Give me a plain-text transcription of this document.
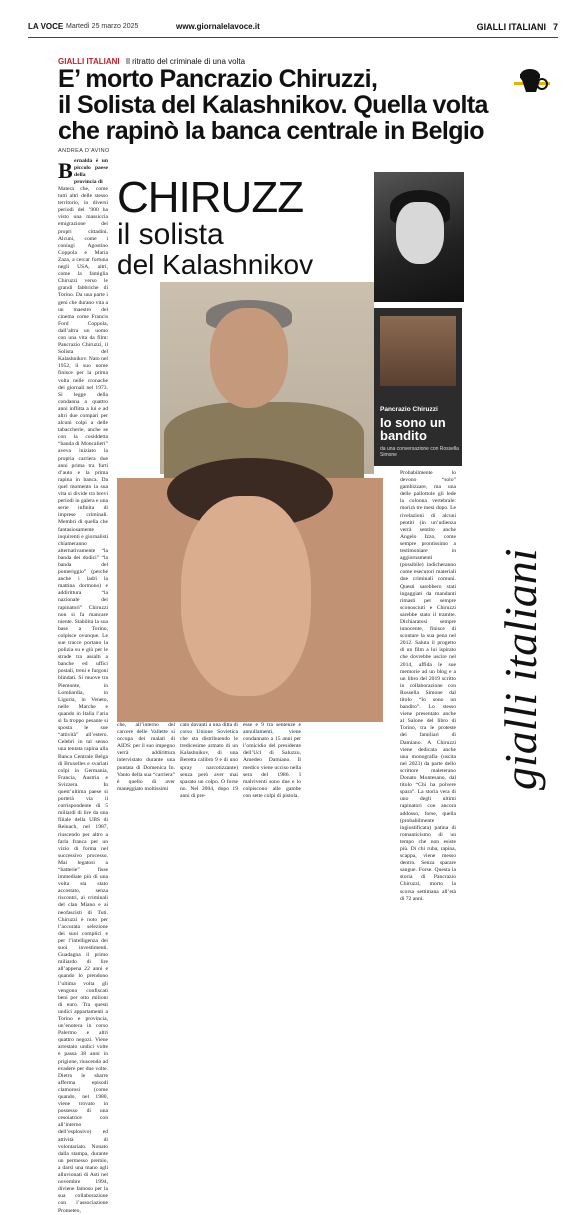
LA VOCE Martedì 25 marzo 2025	www.giornalelavoce.it	GIALLI ITALIANI 7
GIALLI ITALIANI Il ritratto del criminale di una volta
E’ morto Pancrazio Chiruzzi,
il Solista del Kalashnikov. Quella volta
che rapinò la banca centrale in Belgio
ANDREA D’AVINO
B ernalda è un piccolo paese della provincia di
Matera che, come tutti altri delle stesso territorio, in diversi periodi del ’900 ha visto una massiccia emigrazione dei propri cittadini. Alcuni, come i coniugi Agostino Coppola e Maria Zaza, a cercar fortuna negli USA, altri, come la famiglia Chiruzzi verso le grandi fabbriche di Torino. Da una parte i geni che durano vita a un maestro del cinema come Francis Ford Coppola, dall’altra un uomo con una vita da film: Pancrazio Chiruzzi, il Solista del Kalashnikov. Nato nel 1952, il suo nome finisce per la prima volta nelle cronache dei giornali nel 1973. Si legge della condanna a quattro anni inflitta a lui e ad altri due compari per alcuni colpi a delle tabaccherie, anche se con la cosiddetta “banda di Moncalieri” aveva iniziato la propria carriera due anni prima tra furti d’auto e la prima rapina in banca. Da quel momento la sua vita si divide tra brevi periodi in galera e una serie infinita di imprese criminali. Membri di quella che fantasiosamente inquirenti e giornalisti chiameranno alternativamente “la banda dei dodici” “la banda del pomeriggio” (perché anche i ladri la mattina dormono) e addirittura “la nazionale dei rapinatori” Chiruzzi non si fa mancare niente. Stabilita la sua base a Torino, colpisce ovunque. Le sue tracce portano la polizia su e giù per le strade tra assalti a banche ed uffici postali, treni e furgoni blindati. Si muove tra Piemonte, in Lombardia, in Liguria, in Veneto, nelle Marche e quando in Italia l’aria si fa troppo pesante si sposta le sue “attività” all’estero. Celebri in tal senso una tentata rapina alla Banca Centrale Belga di Bruxelles e svariati colpi in Germania, Francia, Austria e Svizzera. In quest’ultima paese si porterà via il corrispondente di 5 miliardi di lire da una filiale della UBS di Reinach, nel 1987, riuscendo per altro a farla franca per un vizio di forma nel successivo processo. Mai legatosi a “batterie” fisse immediate più di una volta sta stato accostato, senza riscontri, ai criminali del clan Miano e ai neofascisti di Tuti. Chiruzzi è noto per l’accurata selezione dei suoi complici e per l’intelligenza dei suoi investimenti. Guadagna il primo miliardo di lire all’appena 22 anni e quando lo prendono l’ultima volta gli vengono confiscati beni per otto milioni di euro. Tra questi undici appartamenti a Torino e provincia, un’enoteca in corso Palermo e altri quattro negozi. Viene arrestato undici volte e passa 38 anni in prigione, riuscendo ad evadere per due volte. Dietro le sbarre afferma episodi clamorosi (come quando, nel 1980, viene trovato in possesso di una cesoiatrice con all’interno dell’esplosivo) ed attività di volontariato. Nonato dalla stampa, durante un permesso premio, a darsi una mano agli alluvionati di Asti nel novembre 1994, diviene famoso per la sua collaborazione con l’associazione Prometeo,
CHIRUZZ
il solista
del Kalashnikov
Pancrazio Chiruzzi
Io sono un bandito
da una conversazione con Rossella Simone
che, all’interno del carcere delle Vallette si occupa dei malati di AIDS: per il suo impegno verrà addirittura intervistato durante una puntata di Domenica In. Vanto della sua “carriera” è quello di aver maneggiato moltissimi
cato davanti a una ditta di corso Unione Sovietica che sta distribuendo le tredicesime armato di un Kalashnikov, di una Beretta calibro 9 e di uno spray narcotizzante) senza però aver mai sparato un colpo. O forse no. Nel 2004, dopo 19 anni di pre-
esse e 9 tra sentenze e annullamenti, viene condannato a 15 anni per l’omicidio del presidente dell’Ucl di Saluzzo, Amedeo Damiano. Il medico viene ucciso nella sera del 1986. I malviventi sono due e lo colpiscono alle gambe con sette colpi di pistola.
Probabilmente lo devono “solo” gambizzare, ma una delle pallottole gli lede la colonna vertebrale: morirà tre mesi dopo. Le rivelazioni di alcuni pentiti (in un’udienza verrà sentito anche Angelo Izzo, come sempre prontissimo a testimoniare in aggiornamenti (possibile) indicheranno come esecutori materiali due criminali comuni. Questi sarebbero stati ingaggiati da mandanti rimasti per sempre sconosciuti e Chiruzzi sarebbe stato il tramite. Dichiaratosi sempre innocente, finisce di scontare la sua pena nel 2012. Saluta il progetto di un film a lui ispirato che dovrebbe uscire nel 2014, affida le sue memorie ad un blog e a un libro del 2019 scritto in collaborazione con Rossella Simone dal titolo “Io sono un bandito”. Lo stesso viene presentato anche al Salone del libro di Torino, tra le proteste dei familiari di Damiano. A Chiruzzi viene dedicata anche una monografia (uscita nel 2023) da parte dello scrittore maleterano Donato Montesano, dal titolo “Chi ha polvere spara”. La storia vera di uno degli ultimi rapinatori con ancora addosso, forse, quella (probabilmente ingiustificata) patina di romanticismo di un tempo che non esiste più. Di chi ruba, rapina, scappa, viene messo dentro. Senza sparare sangue. Forse. Questa la storia di Pancrazio Chiruzzi, morto la scorsa settimana all’età di 72 anni.
gialli italiani
